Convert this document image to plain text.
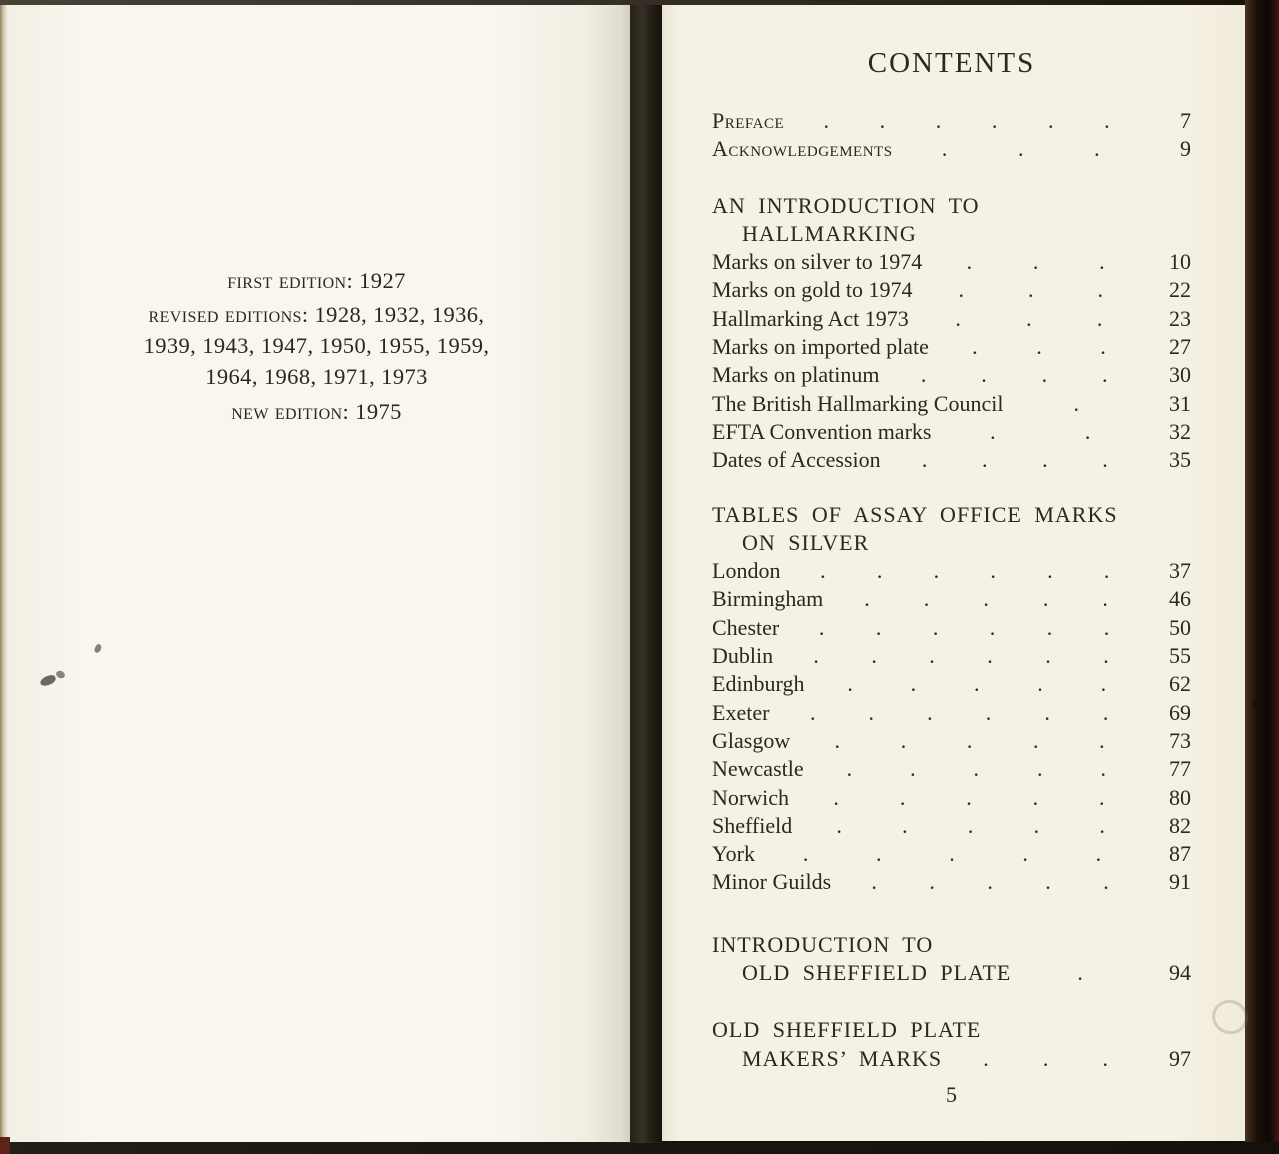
first edition: 1927
revised editions: 1928, 1932, 1936,
1939, 1943, 1947, 1950, 1955, 1959,
1964, 1968, 1971, 1973
new edition: 1975
CONTENTS
Preface . . . . . .	7
Acknowledgements .	.	.	9
AN INTRODUCTION TO
HALLMARKING
Marks on silver to 1974 .	.	.	10
Marks on gold to 1974 .	.	.	22
Hallmarking Act 1973 .	.	.	23
Marks on imported plate .	.	.	27
Marks on platinum . . . .	30
The British Hallmarking Council	.	31
EFTA Convention marks	.	.	32
Dates of Accession . . . .	35
TABLES OF ASSAY OFFICE MARKS
ON SILVER
London . . . . . .	37
Birmingham . . . . .	46
Chester . . . . . .	50
Dublin . . . . . .	55
Edinburgh .	.	.	.	.	62
Exeter . . . . . .	69
Glasgow .	.	.	.	.	73
Newcastle .	.	.	.	.	77
Norwich .	.	.	.	.	80
Sheffield .	.	.	.	.	82
York .	.	.	.	.	87
Minor Guilds . . . . .	91
INTRODUCTION TO
OLD SHEFFIELD PLATE	.	94
OLD SHEFFIELD PLATE
MAKERS’ MARKS . . .	97
5
